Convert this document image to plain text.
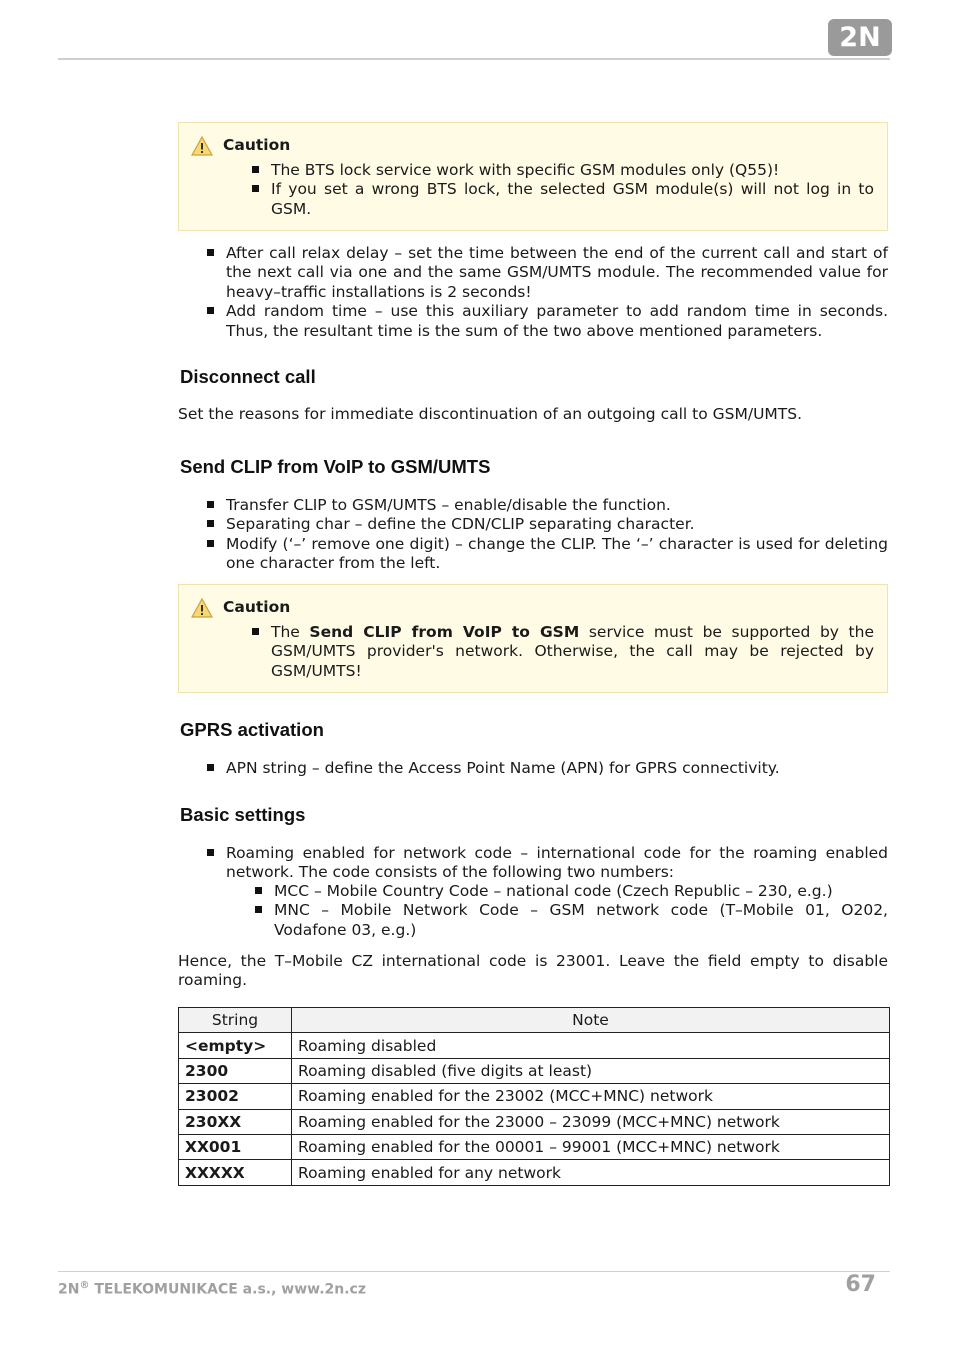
2N
Caution
The BTS lock service work with specific GSM modules only (Q55)!
If you set a wrong BTS lock, the selected GSM module(s) will not log in to GSM.
After call relax delay – set the time between the end of the current call and start of the next call via one and the same GSM/UMTS module. The recommended value for heavy–traffic installations is 2 seconds!
Add random time – use this auxiliary parameter to add random time in seconds. Thus, the resultant time is the sum of the two above mentioned parameters.
Disconnect call
Set the reasons for immediate discontinuation of an outgoing call to GSM/UMTS.
Send CLIP from VoIP to GSM/UMTS
Transfer CLIP to GSM/UMTS – enable/disable the function.
Separating char – define the CDN/CLIP separating character.
Modify (‘–’ remove one digit) – change the CLIP. The ‘–’ character is used for deleting one character from the left.
Caution
The Send CLIP from VoIP to GSM service must be supported by the GSM/UMTS provider's network. Otherwise, the call may be rejected by GSM/UMTS!
GPRS activation
APN string – define the Access Point Name (APN) for GPRS connectivity.
Basic settings
Roaming enabled for network code – international code for the roaming enabled network. The code consists of the following two numbers:
MCC – Mobile Country Code – national code (Czech Republic – 230, e.g.)
MNC – Mobile Network Code – GSM network code (T–Mobile 01, O202, Vodafone 03, e.g.)
Hence, the T–Mobile CZ international code is 23001. Leave the field empty to disable roaming.
String	Note
<empty>	Roaming disabled
2300	Roaming disabled (five digits at least)
23002	Roaming enabled for the 23002 (MCC+MNC) network
230XX	Roaming enabled for the 23000 – 23099 (MCC+MNC) network
XX001	Roaming enabled for the 00001 – 99001 (MCC+MNC) network
XXXXX	Roaming enabled for any network
2N® TELEKOMUNIKACE a.s., www.2n.cz	67
